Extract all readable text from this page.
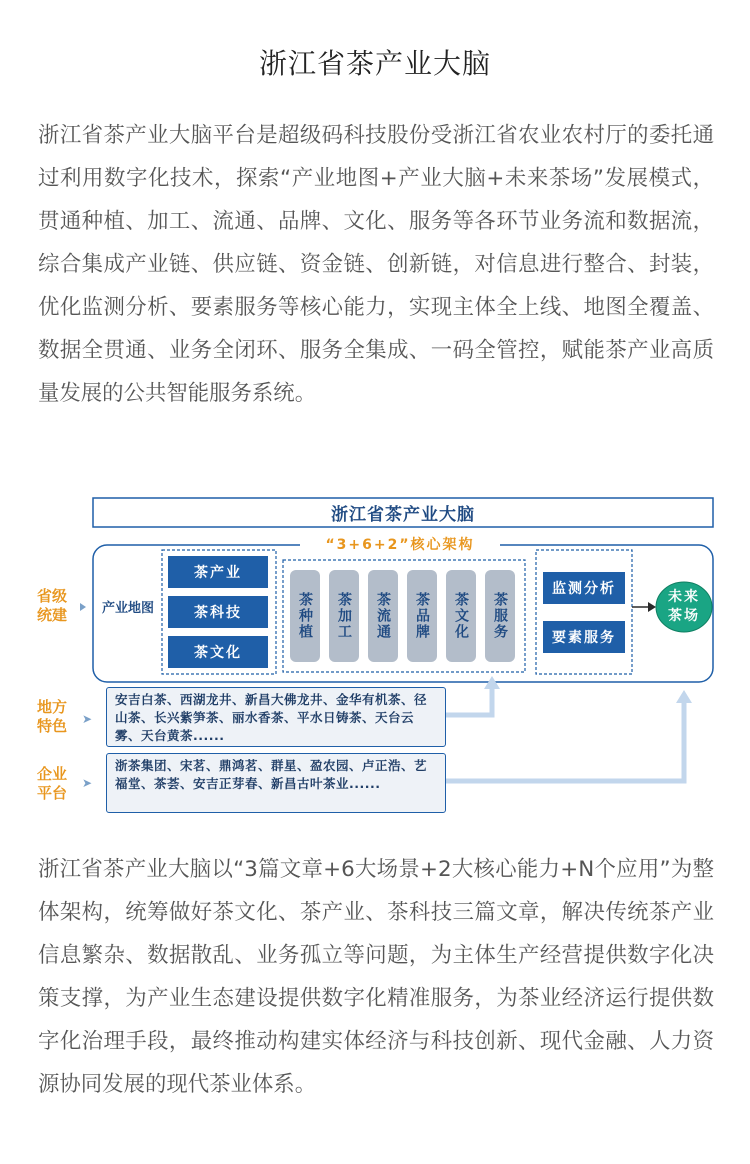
浙江省茶产业大脑

浙江省茶产业大脑平台是超级码科技股份受浙江省农业农村厅的委托通过利用数字化技术，探索“产业地图+产业大脑+未来茶场”发展模式，贯通种植、加工、流通、品牌、文化、服务等各环节业务流和数据流，综合集成产业链、供应链、资金链、创新链，对信息进行整合、封装，优化监测分析、要素服务等核心能力，实现主体全上线、地图全覆盖、数据全贯通、业务全闭环、服务全集成、一码全管控，赋能茶产业高质量发展的公共智能服务系统。

浙江省茶产业大脑
“3+6+2”核心架构
省级
统建
地方
特色
企业
平台
➤
➤
产业地图
茶产业
茶科技
茶文化
茶种植 茶加工 茶流通 茶品牌 茶文化 茶服务
监测分析
要素服务
未来
茶场
安吉白茶、西湖龙井、新昌大佛龙井、金华有机茶、径山茶、长兴紫笋茶、丽水香茶、平水日铸茶、天台云雾、天台黄茶......
浙茶集团、宋茗、鼎鸿茗、群星、盈农园、卢正浩、艺福堂、茶荟、安吉正芽春、新昌古叶茶业......

浙江省茶产业大脑以“3篇文章+6大场景+2大核心能力+N个应用”为整体架构，统筹做好茶文化、茶产业、茶科技三篇文章，解决传统茶产业信息繁杂、数据散乱、业务孤立等问题，为主体生产经营提供数字化决策支撑，为产业生态建设提供数字化精准服务，为茶业经济运行提供数字化治理手段，最终推动构建实体经济与科技创新、现代金融、人力资源协同发展的现代茶业体系。
